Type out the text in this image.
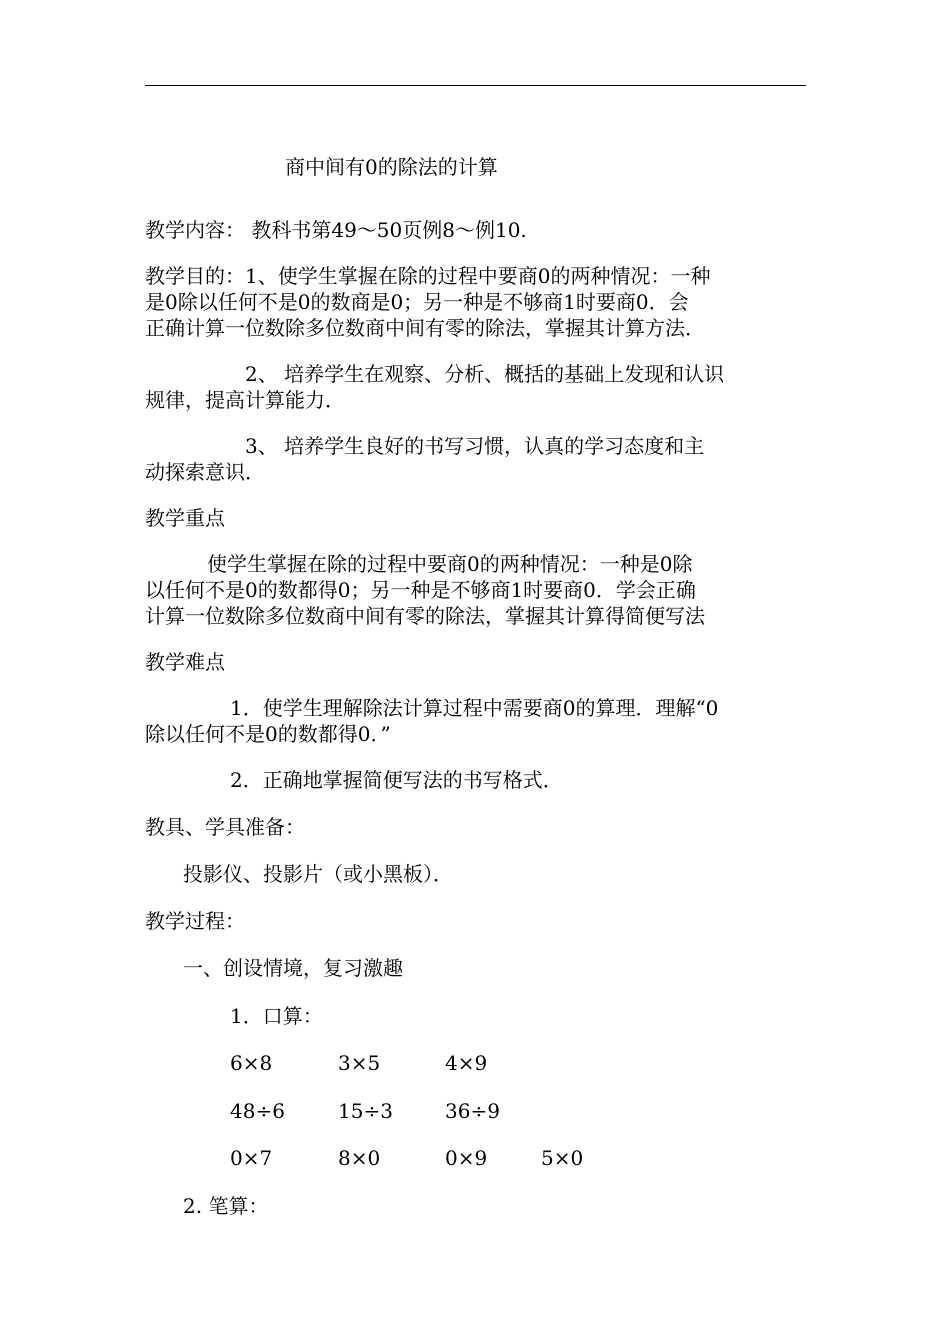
商中间有0的除法的计算
教学内容： 教科书第49～50页例8～例10.
教学目的：1、使学生掌握在除的过程中要商0的两种情况：一种
是0除以任何不是0的数商是0；另一种是不够商1时要商0．会
正确计算一位数除多位数商中间有零的除法，掌握其计算方法．
2、 培养学生在观察、分析、概括的基础上发现和认识
规律，提高计算能力．
3、 培养学生良好的书写习惯，认真的学习态度和主
动探索意识．
教学重点
使学生掌握在除的过程中要商0的两种情况：一种是0除
以任何不是0的数都得0；另一种是不够商1时要商0．学会正确
计算一位数除多位数商中间有零的除法，掌握其计算得简便写法
教学难点
1．使学生理解除法计算过程中需要商0的算理．理解“0
除以任何不是0的数都得0．”
2．正确地掌握简便写法的书写格式．
教具、学具准备：
投影仪、投影片（或小黑板）．
教学过程：
一、创设情境，复习激趣
1．口算：
6×8	3×5	4×9
48÷6	15÷3	36÷9
0×7	8×0	0×9	5×0
2. 笔算：
